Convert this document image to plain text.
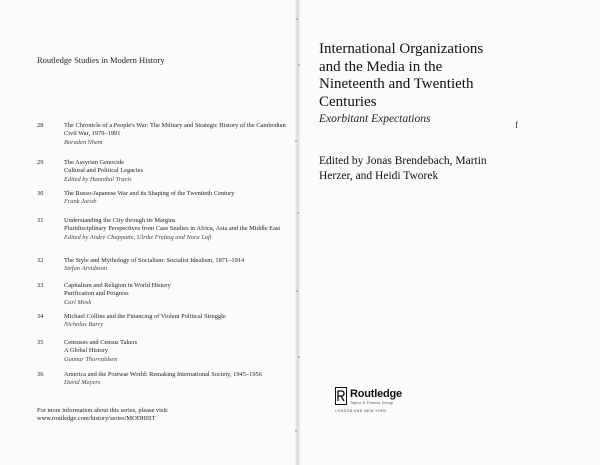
Routledge Studies in Modern History
28	The Chronicle of a People's War: The Military and Strategic History of the Cambodian Civil War, 1979–1991
Boraden Nhem
29	The Assyrian Genocide
Cultural and Political Legacies
Edited by Hannibal Travis
30	The Russo-Japanese War and its Shaping of the Twentieth Century
Frank Jacob
31	Understanding the City through its Margins
Pluridisciplinary Perspectives from Case Studies in Africa, Asia and the Middle East
Edited by André Chappatte, Ulrike Freitag and Nora Lafi
32	The Style and Mythology of Socialism: Socialist Idealism, 1871–1914
Stefan Arvidsson
33	Capitalism and Religion in World History
Purification and Progress
Carl Mosk
34	Michael Collins and the Financing of Violent Political Struggle
Nicholas Barry
35	Censuses and Census Takers
A Global History
Gunnar Thorvaldsen
36	America and the Postwar World: Remaking International Society, 1945–1956
David Mayers
For more information about this series, please visit: www.routledge.com/history/series/MODHIST
International Organizations
and the Media in the
Nineteenth and Twentieth
Centuries
Exorbitant Expectations	f
Edited by Jonas Brendebach, Martin
Herzer, and Heidi Tworek
Routledge
Taylor & Francis Group
LONDON AND NEW YORK
